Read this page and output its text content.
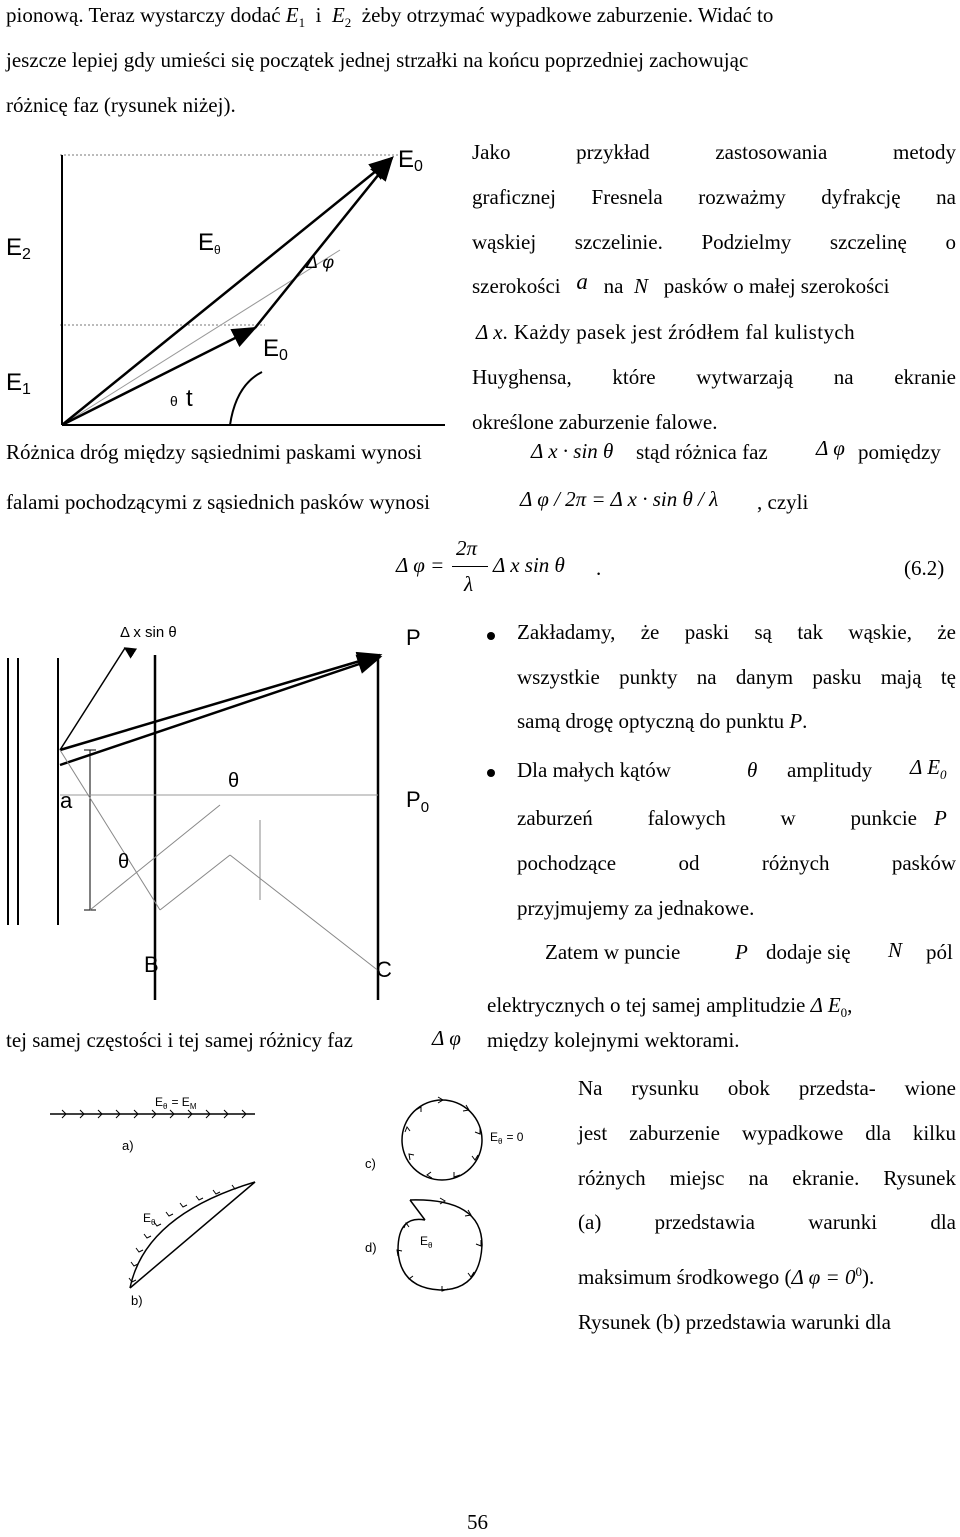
pionową. Teraz wystarczy dodać $E_1$ i $E_2$ żeby otrzymać wypadkowe zaburzenie. Widać to
jeszcze lepiej gdy umieści się początek jednej strzałki na końcu poprzedniej zachowując
różnicę faz (rysunek niżej).
E0
E2	Eθ
Δ φ
E0
E1
θ t
Jako przykład zastosowania metody
graficznej Fresnela rozważmy dyfrakcję na
wąskiej szczelinie. Podzielmy szczelinę o
szerokości a na N pasków o małej szerokości
Δ x. Każdy pasek jest źródłem fal kulistych
Huyghensa, które wytwarzają na ekranie
określone zaburzenie falowe.
Różnica dróg między sąsiednimi paskami wynosi	Δ x · sin θ stąd różnica faz Δ φ pomiędzy
falami pochodzącymi z sąsiednich pasków wynosi	Δ φ / 2π = Δ x · sin θ / λ , czyli
Δ φ =
2π
λ
Δ x sin θ .	(6.2)
Δ x sin θ	P
a
θ
$P_0$
θ
B	C
Zakładamy, że paski są tak wąskie, że
wszystkie punkty na danym pasku mają tę
samą drogę optyczną do punktu P.
Dla małych kątów	θ amplitudy Δ $E_0$
zaburzeń falowych w punkcie P
pochodzące od różnych pasków
przyjmujemy za jednakowe.
Zatem w puncie	P dodaje się N pól
elektrycznych o tej samej amplitudzie Δ $E_0$,
tej samej częstości i tej samej różnicy faz	Δ φ między kolejnymi wektorami.
$E_\theta = E_M$
a)
$E_\theta$
b)
c)
$E_\theta = 0$
d)	$E_\theta$
Na rysunku obok przedsta- wione
jest zaburzenie wypadkowe dla kilku
różnych miejsc na ekranie. Rysunek
(a) przedstawia warunki dla
maksimum środkowego (Δ $\varphi = 0^0$).
Rysunek (b) przedstawia warunki dla
56
